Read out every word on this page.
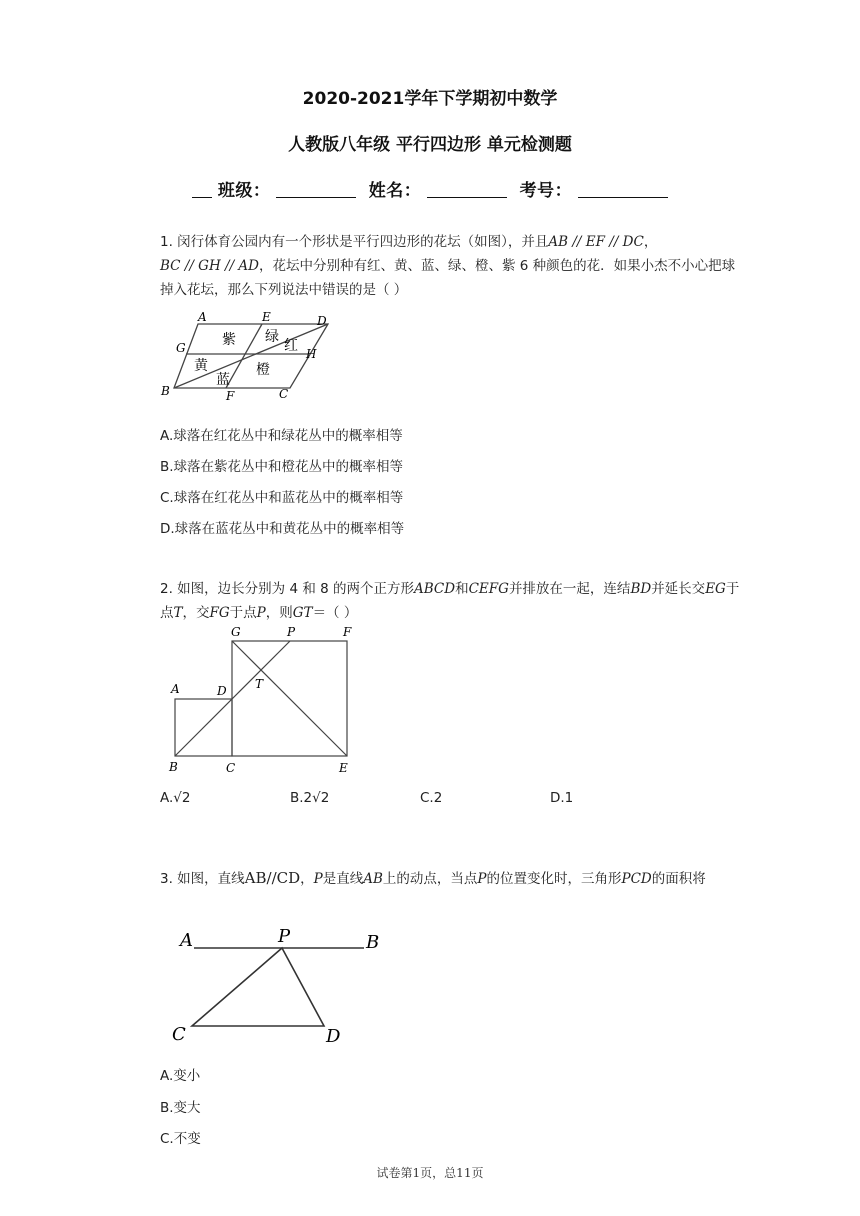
2020-2021学年下学期初中数学
人教版八年级 平行四边形 单元检测题
班级：	姓名：	考号：
1. 闵行体育公园内有一个形状是平行四边形的花坛（如图），并且AB // EF // DC，
BC // GH // AD，花坛中分别种有红、黄、蓝、绿、橙、紫 6 种颜色的花．如果小杰不小心把球掉入花坛，那么下列说法中错误的是（ ）
A	E	D
G	H
B	F	C
紫 绿
红
黄
蓝
橙
A.球落在红花丛中和绿花丛中的概率相等
B.球落在紫花丛中和橙花丛中的概率相等
C.球落在红花丛中和蓝花丛中的概率相等
D.球落在蓝花丛中和黄花丛中的概率相等
2. 如图，边长分别为 4 和 8 的两个正方形ABCD和CEFG并排放在一起，连结BD并延长交EG于点T，交FG于点P，则GT＝（ ）
G	P	F
A	D T
B	C	E
A.√2	B.2√2	C.2	D.1
3. 如图，直线AB//CD，P是直线AB上的动点，当点P的位置变化时，三角形PCD的面积将
A	P	B
C	D
A.变小
B.变大
C.不变
试卷第1页，总11页
